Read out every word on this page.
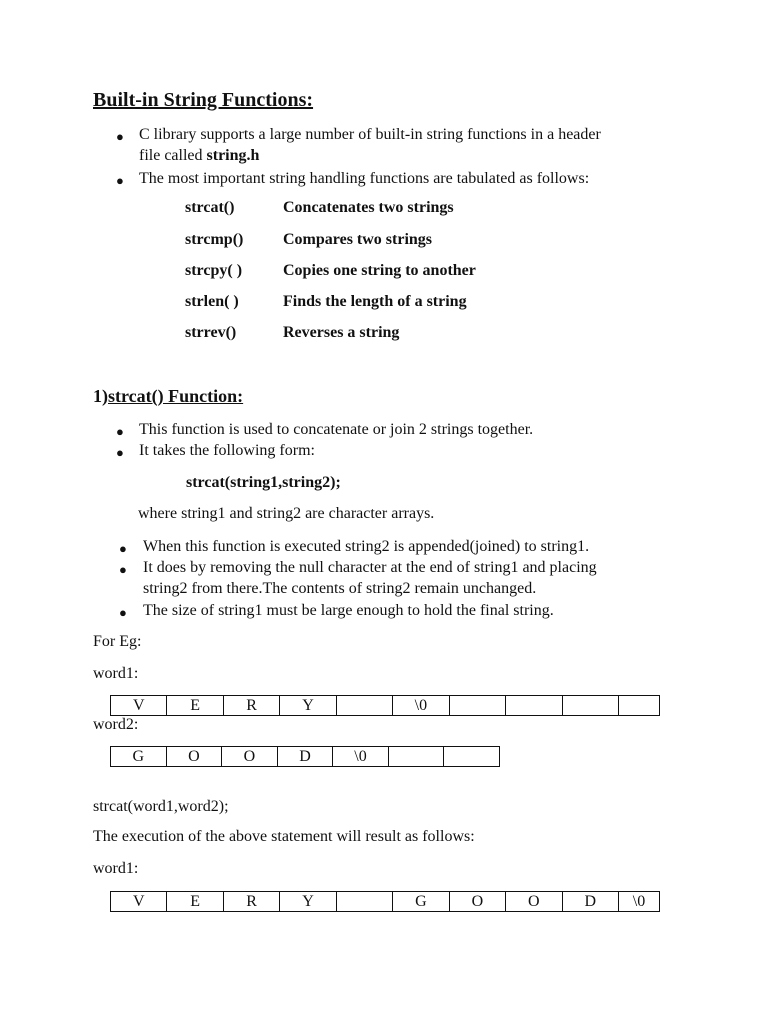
Built-in String Functions:
● C library supports a large number of built-in string functions in a header
file called string.h
● The most important string handling functions are tabulated as follows:
strcat()	Concatenates two strings
strcmp() Compares two strings
strcpy( )	Copies one string to another
strlen( )	Finds the length of a string
strrev()	Reverses a string
1)strcat() Function:
● This function is used to concatenate or join 2 strings together.
● It takes the following form:
strcat(string1,string2);
where string1 and string2 are character arrays.
● When this function is executed string2 is appended(joined) to string1.
● It does by removing the null character at the end of string1 and placing
string2 from there.The contents of string2 remain unchanged.
● The size of string1 must be large enough to hold the final string.
For Eg:
word1:
V	E	R	Y		\0				
word2:
G	O	O	D	\0		
strcat(word1,word2);
The execution of the above statement will result as follows:
word1:
V	E	R	Y		G	O	O	D	\0
